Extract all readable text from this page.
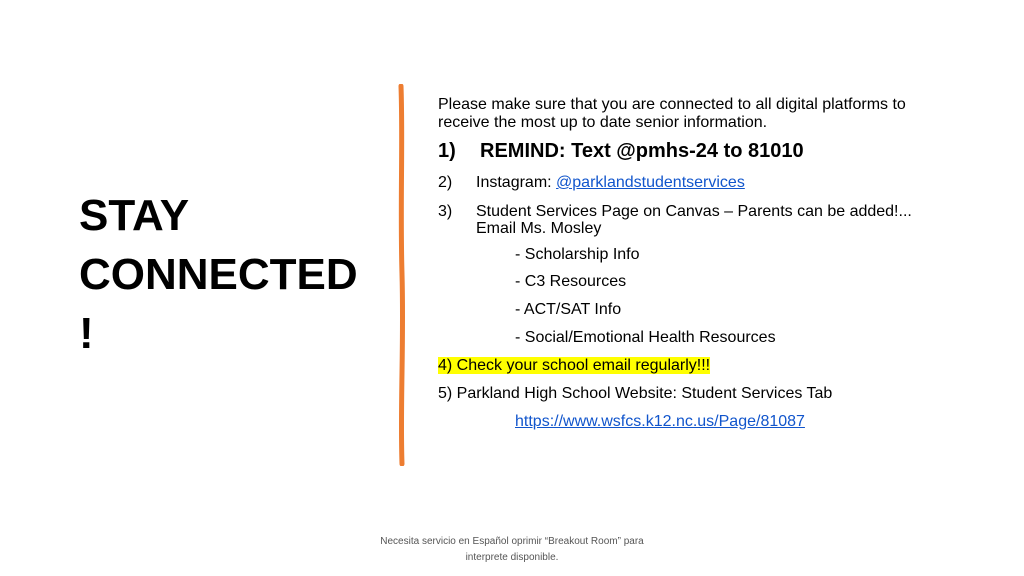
STAY
CONNECTED
!
Please make sure that you are connected to all digital platforms to receive the most up to date senior information.
1) REMIND: Text @pmhs-24 to 81010
2) Instagram: @parklandstudentservices
3)	Student Services Page on Canvas – Parents can be added!... Email Ms. Mosley
- Scholarship Info
- C3 Resources
- ACT/SAT Info
- Social/Emotional Health Resources
4) Check your school email regularly!!!
5) Parkland High School Website: Student Services Tab
https://www.wsfcs.k12.nc.us/Page/81087
Necesita servicio en Español oprimir “Breakout Room” para
interprete disponible.
